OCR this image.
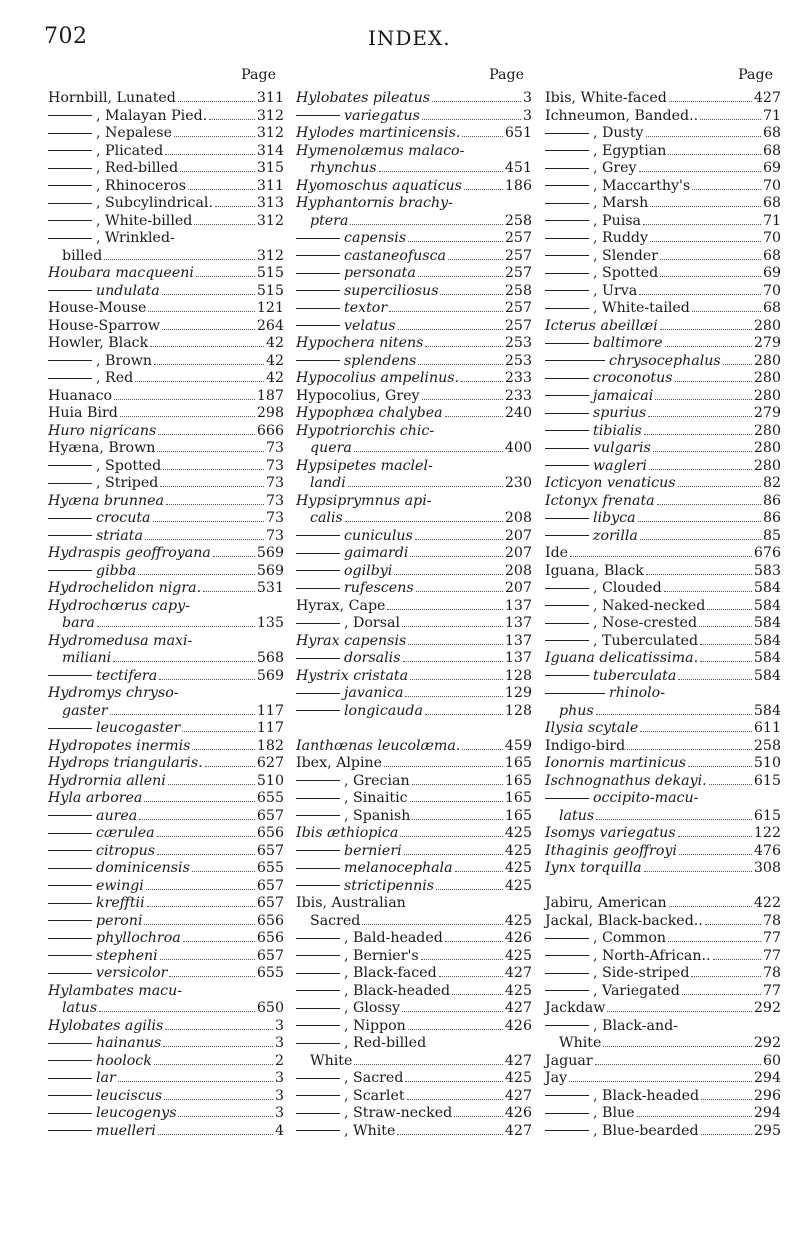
702	INDEX.
Page
Hornbill, Lunated	311
, Malayan Pied.	312
, Nepalese	312
, Plicated	314
, Red-billed	315
, Rhinoceros	311
, Subcylindrical.	313
, White-billed	312
, Wrinkled-
billed	312
Houbara macqueeni	515
undulata	515
House-Mouse	121
House-Sparrow	264
Howler, Black	42
, Brown	42
, Red	42
Huanaco	187
Huia Bird	298
Huro nigricans	666
Hyæna, Brown	73
, Spotted	73
, Striped	73
Hyæna brunnea	73
crocuta	73
striata	73
Hydraspis geoffroyana	569
gibba	569
Hydrochelidon nigra.	531
Hydrochœrus capy-
bara	135
Hydromedusa maxi-
miliani	568
tectifera	569
Hydromys chryso-
gaster	117
leucogaster	117
Hydropotes inermis	182
Hydrops triangularis.	627
Hydrornia alleni	510
Hyla arborea	655
aurea	657
cærulea	656
citropus	657
dominicensis	655
ewingi	657
krefftii	657
peroni	656
phyllochroa	656
stepheni	657
versicolor	655
Hylambates macu-
latus	650
Hylobates agilis	3
hainanus	3
hoolock	2
lar	3
leuciscus	3
leucogenys	3
muelleri	4
Page
Hylobates pileatus	3
variegatus	3
Hylodes martinicensis.	651
Hymenolæmus malaco-
rhynchus	451
Hyomoschus aquaticus	186
Hyphantornis brachy-
ptera	258
capensis	257
castaneofusca	257
personata	257
superciliosus	258
textor	257
velatus	257
Hypochera nitens	253
splendens	253
Hypocolius ampelinus.	233
Hypocolius, Grey	233
Hypophæa chalybea	240
Hypotriorchis chic-
quera	400
Hypsipetes maclel-
landi	230
Hypsiprymnus api-
calis	208
cuniculus	207
gaimardi	207
ogilbyi	208
rufescens	207
Hyrax, Cape	137
, Dorsal	137
Hyrax capensis	137
dorsalis	137
Hystrix cristata	128
javanica	129
longicauda	128
Ianthœnas leucolæma.	459
Ibex, Alpine	165
, Grecian	165
, Sinaitic	165
, Spanish	165
Ibis æthiopica	425
bernieri	425
melanocephala	425
strictipennis	425
Ibis, Australian
Sacred	425
, Bald-headed	426
, Bernier's	425
, Black-faced	427
, Black-headed	425
, Glossy	427
, Nippon	426
, Red-billed
White	427
, Sacred	425
, Scarlet	427
, Straw-necked	426
, White	427
Page
Ibis, White-faced	427
Ichneumon, Banded..	71
, Dusty	68
, Egyptian	68
, Grey	69
, Maccarthy's	70
, Marsh	68
, Puisa	71
, Ruddy	70
, Slender	68
, Spotted	69
, Urva	70
, White-tailed	68
Icterus abeillæi	280
baltimore	279
chrysocephalus 280
croconotus	280
jamaicai	280
spurius	279
tibialis	280
vulgaris	280
wagleri	280
Icticyon venaticus	82
Ictonyx frenata	86
libyca	86
zorilla	85
Ide	676
Iguana, Black	583
, Clouded	584
, Naked-necked	584
, Nose-crested	584
, Tuberculated	584
Iguana delicatissima.	584
tuberculata	584
rhinolo-
phus	584
Ilysia scytale	611
Indigo-bird	258
Ionornis martinicus	510
Ischnognathus dekayi.	615
occipito-macu-
latus	615
Isomys variegatus	122
Ithaginis geoffroyi	476
Iynx torquilla	308
Jabiru, American	422
Jackal, Black-backed..	78
, Common	77
, North-African..	77
, Side-striped	78
, Variegated	77
Jackdaw	292
, Black-and-
White	292
Jaguar	60
Jay	294
, Black-headed	296
, Blue	294
, Blue-bearded	295
